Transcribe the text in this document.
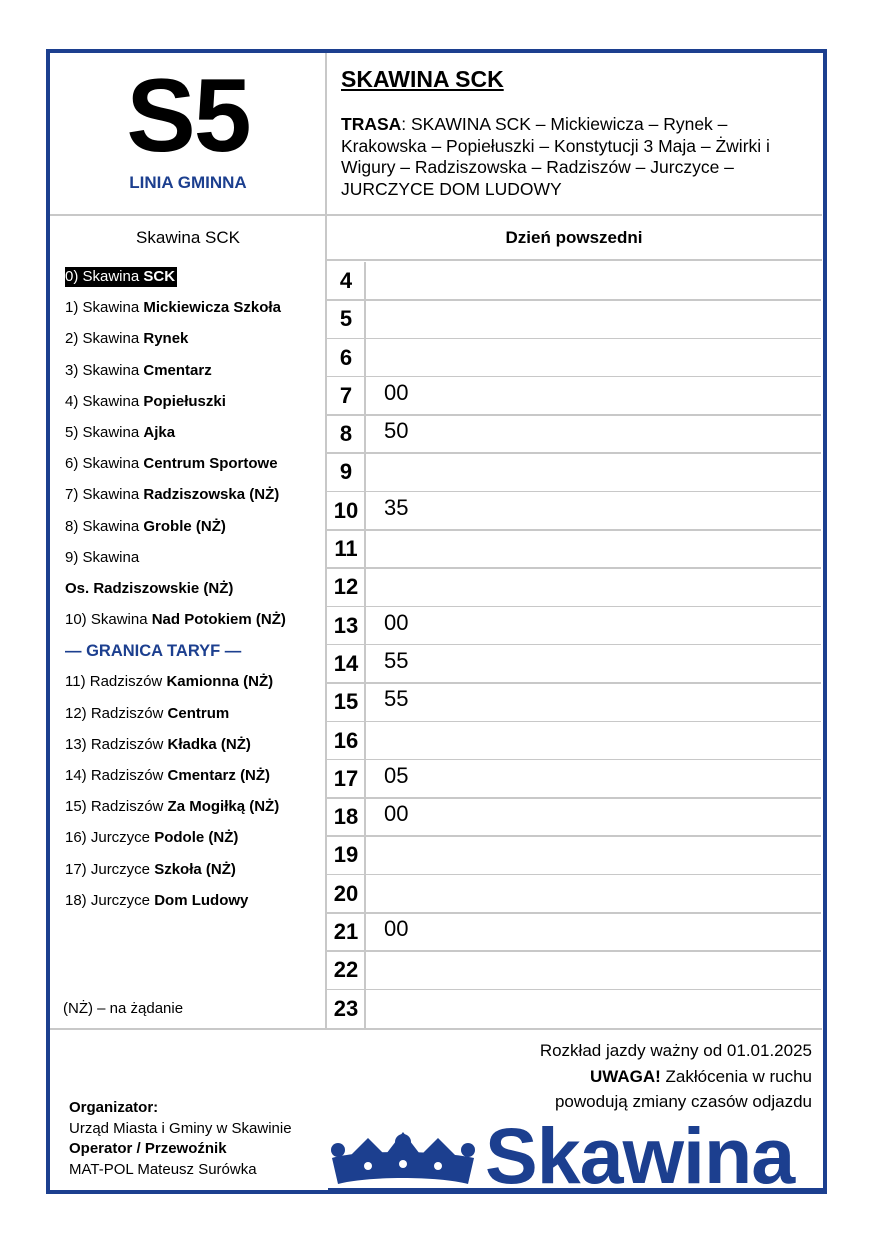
S5
LINIA GMINNA
SKAWINA SCK
TRASA: SKAWINA SCK – Mickiewicza – Rynek – Krakowska – Popiełuszki – Konstytucji 3 Maja – Żwirki i Wigury – Radziszowska – Radziszów – Jurczyce – JURCZYCE DOM LUDOWY
Skawina SCK	Dzień powszedni
0) Skawina SCK
1) Skawina Mickiewicza Szkoła
2) Skawina Rynek
3) Skawina Cmentarz
4) Skawina Popiełuszki
5) Skawina Ajka
6) Skawina Centrum Sportowe
7) Skawina Radziszowska (NŻ)
8) Skawina Groble (NŻ)
9) Skawina
Os. Radziszowskie (NŻ)
10) Skawina Nad Potokiem (NŻ)
— GRANICA TARYF —
11) Radziszów Kamionna (NŻ)
12) Radziszów Centrum
13) Radziszów Kładka (NŻ)
14) Radziszów Cmentarz (NŻ)
15) Radziszów Za Mogiłką (NŻ)
16) Jurczyce Podole (NŻ)
17) Jurczyce Szkoła (NŻ)
18) Jurczyce Dom Ludowy
(NŻ) – na żądanie
4
5
6
7	00
8	50
9
10	35
11
12
13	00
14	55
15	55
16
17	05
18	00
19
20
21	00
22
23
Rozkład jazdy ważny od 01.01.2025
UWAGA! Zakłócenia w ruchu
powodują zmiany czasów odjazdu
Organizator:
Urząd Miasta i Gminy w Skawinie
Operator / Przewoźnik
MAT-POL Mateusz Surówka	Skawina
